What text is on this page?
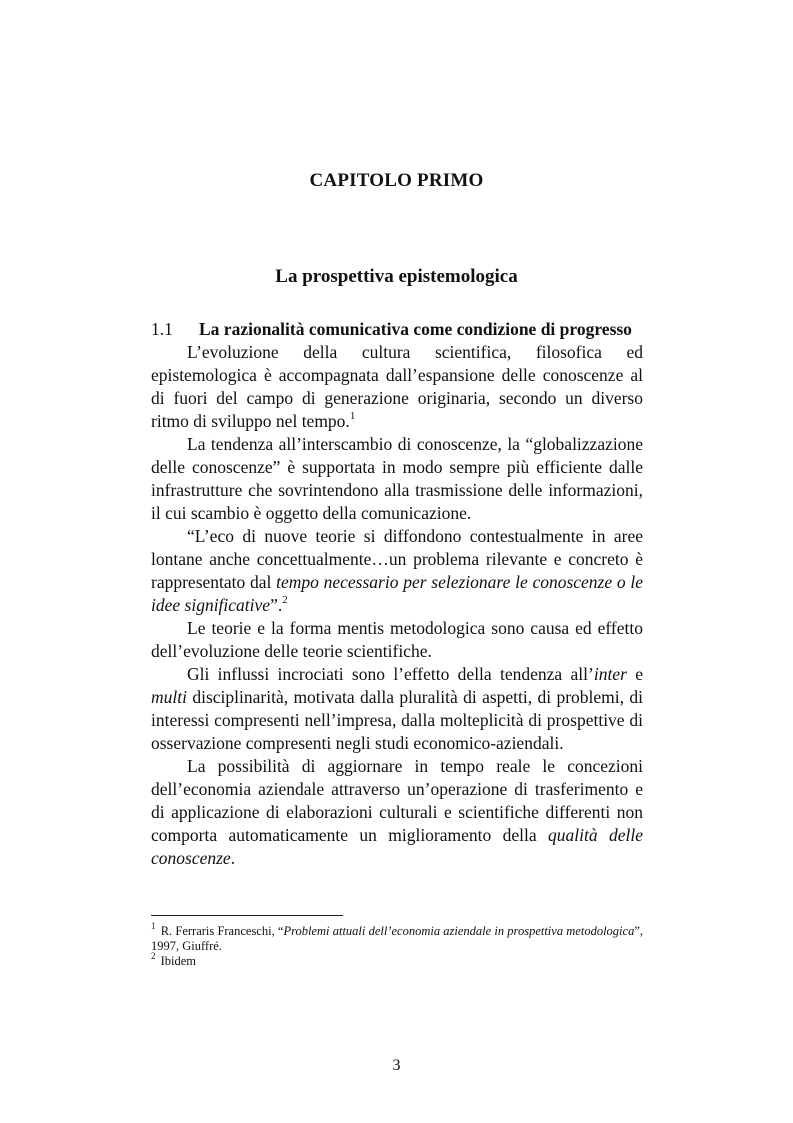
CAPITOLO PRIMO
La prospettiva epistemologica
1.1 La razionalità comunicativa come condizione di progresso

L’evoluzione della cultura scientifica, filosofica ed epistemologica è accompagnata dall’espansione delle conoscenze al di fuori del campo di generazione originaria, secondo un diverso ritmo di sviluppo nel tempo.$^1$

La tendenza all’interscambio di conoscenze, la “globalizzazione delle conoscenze” è supportata in modo sempre più efficiente dalle infrastrutture che sovrintendono alla trasmissione delle informazioni, il cui scambio è oggetto della comunicazione.

“L’eco di nuove teorie si diffondono contestualmente in aree lontane anche concettualmente…un problema rilevante e concreto è rappresentato dal tempo necessario per selezionare le conoscenze o le idee significative”.$^2$

Le teorie e la forma mentis metodologica sono causa ed effetto dell’evoluzione delle teorie scientifiche.

Gli influssi incrociati sono l’effetto della tendenza all’inter e multi disciplinarità, motivata dalla pluralità di aspetti, di problemi, di interessi compresenti nell’impresa, dalla molteplicità di prospettive di osservazione compresenti negli studi economico-aziendali.

La possibilità di aggiornare in tempo reale le concezioni dell’economia aziendale attraverso un’operazione di trasferimento e di applicazione di elaborazioni culturali e scientifiche differenti non comporta automaticamente un miglioramento della qualità delle conoscenze.

$^1$ R. Ferraris Franceschi, “Problemi attuali dell’economia aziendale in prospettiva metodologica”, 1997, Giuffré.

$^2$ Ibidem

3
